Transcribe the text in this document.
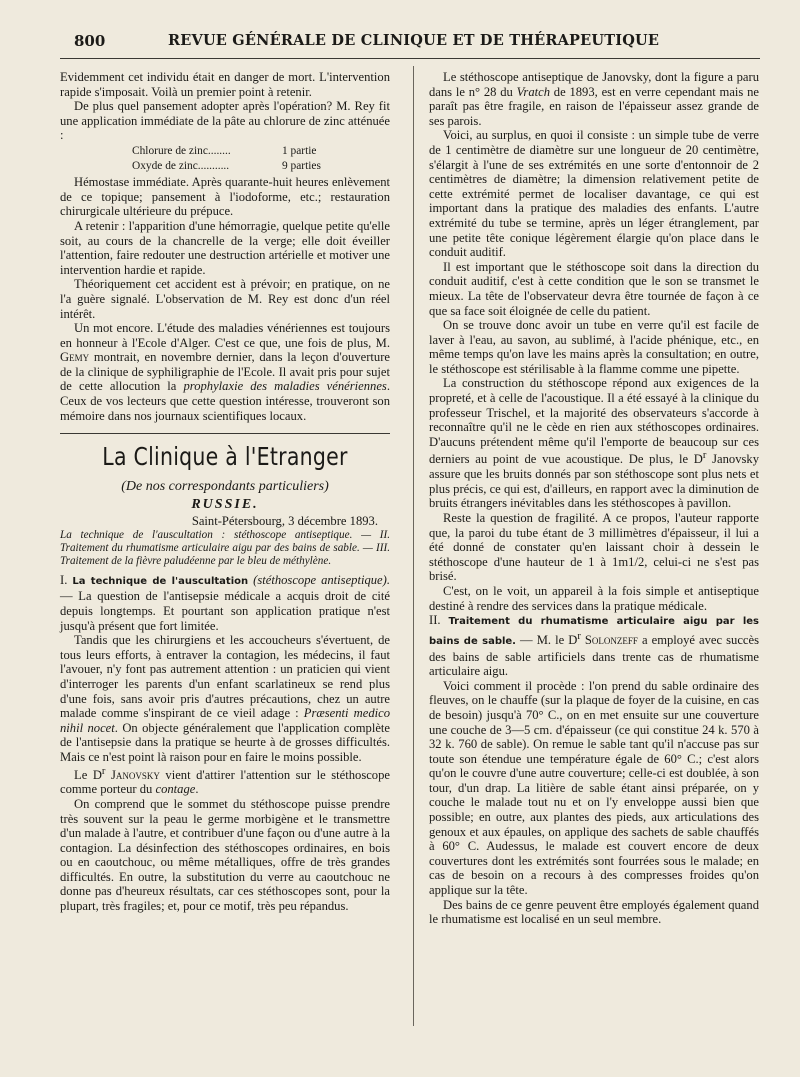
800	REVUE GÉNÉRALE DE CLINIQUE ET DE THÉRAPEUTIQUE

Evidemment cet individu était en danger de mort. L'intervention rapide s'imposait. Voilà un premier point à retenir.

De plus quel pansement adopter après l'opération? M. Rey fit une application immédiate de la pâte au chlorure de zinc atténuée :

Chlorure de zinc........	1 partie
Oxyde de zinc...........	9 parties

Hémostase immédiate. Après quarante-huit heures enlèvement de ce topique; pansement à l'iodoforme, etc.; restauration chirurgicale ultérieure du prépuce.

A retenir : l'apparition d'une hémorragie, quelque petite qu'elle soit, au cours de la chancrelle de la verge; elle doit éveiller l'attention, faire redouter une destruction artérielle et motiver une intervention hardie et rapide.

Théoriquement cet accident est à prévoir; en pratique, on ne l'a guère signalé. L'observation de M. Rey est donc d'un réel intérêt.

Un mot encore. L'étude des maladies vénériennes est toujours en honneur à l'Ecole d'Alger. C'est ce que, une fois de plus, M. Gemy montrait, en novembre dernier, dans la leçon d'ouverture de la clinique de syphiligraphie de l'Ecole. Il avait pris pour sujet de cette allocution la prophylaxie des maladies vénériennes. Ceux de vos lecteurs que cette question intéresse, trouveront son mémoire dans nos journaux scientifiques locaux.

La Clinique à l'Etranger

(De nos correspondants particuliers)

RUSSIE.

Saint-Pétersbourg, 3 décembre 1893.

La technique de l'auscultation : stéthoscope antiseptique. — II. Traitement du rhumatisme articulaire aigu par des bains de sable. — III. Traitement de la fièvre paludéenne par le bleu de méthylène.

I. La technique de l'auscultation (stéthoscope antiseptique). — La question de l'antisepsie médicale a acquis droit de cité depuis longtemps. Et pourtant son application pratique n'est jusqu'à présent que fort limitée.

Tandis que les chirurgiens et les accoucheurs s'évertuent, de tous leurs efforts, à entraver la contagion, les médecins, il faut l'avouer, n'y font pas autrement attention : un praticien qui vient d'interroger les parents d'un enfant scarlatineux se rend plus d'une fois, sans avoir pris d'autres précautions, chez un autre malade comme s'inspirant de ce vieil adage : Præsenti medico nihil nocet. On objecte généralement que l'application complète de l'antisepsie dans la pratique se heurte à de grosses difficultés. Mais ce n'est point là raison pour en faire le moins possible.

Le $D^r$ Janovsky vient d'attirer l'attention sur le stéthoscope comme porteur du contage.

On comprend que le sommet du stéthoscope puisse prendre très souvent sur la peau le germe morbigène et le transmettre d'un malade à l'autre, et contribuer d'une façon ou d'une autre à la contagion. La désinfection des stéthoscopes ordinaires, en bois ou en caoutchouc, ou même métalliques, offre de très grandes difficultés. En outre, la substitution du verre au caoutchouc ne donne pas d'heureux résultats, car ces stéthoscopes sont, pour la plupart, très fragiles; et, pour ce motif, très peu répandus.

Le stéthoscope antiseptique de Janovsky, dont la figure a paru dans le n° 28 du Vratch de 1893, est en verre cependant mais ne paraît pas être fragile, en raison de l'épaisseur assez grande de ses parois.

Voici, au surplus, en quoi il consiste : un simple tube de verre de 1 centimètre de diamètre sur une longueur de 20 centimètre, s'élargit à l'une de ses extrémités en une sorte d'entonnoir de 2 centimètres de diamètre; la dimension relativement petite de cette extrémité permet de localiser davantage, ce qui est important dans la pratique des maladies des enfants. L'autre extrémité du tube se termine, après un léger étranglement, par une petite tête conique légèrement élargie qu'on place dans le conduit auditif.

Il est important que le stéthoscope soit dans la direction du conduit auditif, c'est à cette condition que le son se transmet le mieux. La tête de l'observateur devra être tournée de façon à ce que sa face soit éloignée de celle du patient.

On se trouve donc avoir un tube en verre qu'il est facile de laver à l'eau, au savon, au sublimé, à l'acide phénique, etc., en même temps qu'on lave les mains après la consultation; en outre, le stéthoscope est stérilisable à la flamme comme une pipette.

La construction du stéthoscope répond aux exigences de la propreté, et à celle de l'acoustique. Il a été essayé à la clinique du professeur Trischel, et la majorité des observateurs s'accorde à reconnaître qu'il ne le cède en rien aux stéthoscopes ordinaires. D'aucuns prétendent même qu'il l'emporte de beaucoup sur ces derniers au point de vue acoustique. De plus, le $D^r$ Janovsky assure que les bruits donnés par son stéthoscope sont plus nets et plus précis, ce qui est, d'ailleurs, en rapport avec la diminution de bruits étrangers inévitables dans les stéthoscopes à pavillon.

Reste la question de fragilité. A ce propos, l'auteur rapporte que, la paroi du tube étant de 3 millimètres d'épaisseur, il lui a été donné de constater qu'en laissant choir à dessein le stéthoscope d'une hauteur de 1 à 1m1/2, celui-ci ne s'est pas brisé.

C'est, on le voit, un appareil à la fois simple et antiseptique destiné à rendre des services dans la pratique médicale.

II. Traitement du rhumatisme articulaire aigu par les bains de sable. — M. le $D^r$ Solonzeff a employé avec succès des bains de sable artificiels dans trente cas de rhumatisme articulaire aigu.

Voici comment il procède : l'on prend du sable ordinaire des fleuves, on le chauffe (sur la plaque de foyer de la cuisine, en cas de besoin) jusqu'à 70° C., on en met ensuite sur une couverture une couche de 3—5 cm. d'épaisseur (ce qui constitue 24 k. 570 à 32 k. 760 de sable). On remue le sable tant qu'il n'accuse pas sur toute son étendue une température égale de 60° C.; c'est alors qu'on le couvre d'une autre couverture; celle-ci est doublée, à son tour, d'un drap. La litière de sable étant ainsi préparée, on y couche le malade tout nu et on l'y enveloppe aussi bien que possible; en outre, aux plantes des pieds, aux articulations des genoux et aux épaules, on applique des sachets de sable chauffés à 60° C. Audessus, le malade est couvert encore de deux couvertures dont les extrémités sont fourrées sous le malade; en cas de besoin on a recours à des compresses froides qu'on applique sur la tête.

Des bains de ce genre peuvent être employés également quand le rhumatisme est localisé en un seul membre.
